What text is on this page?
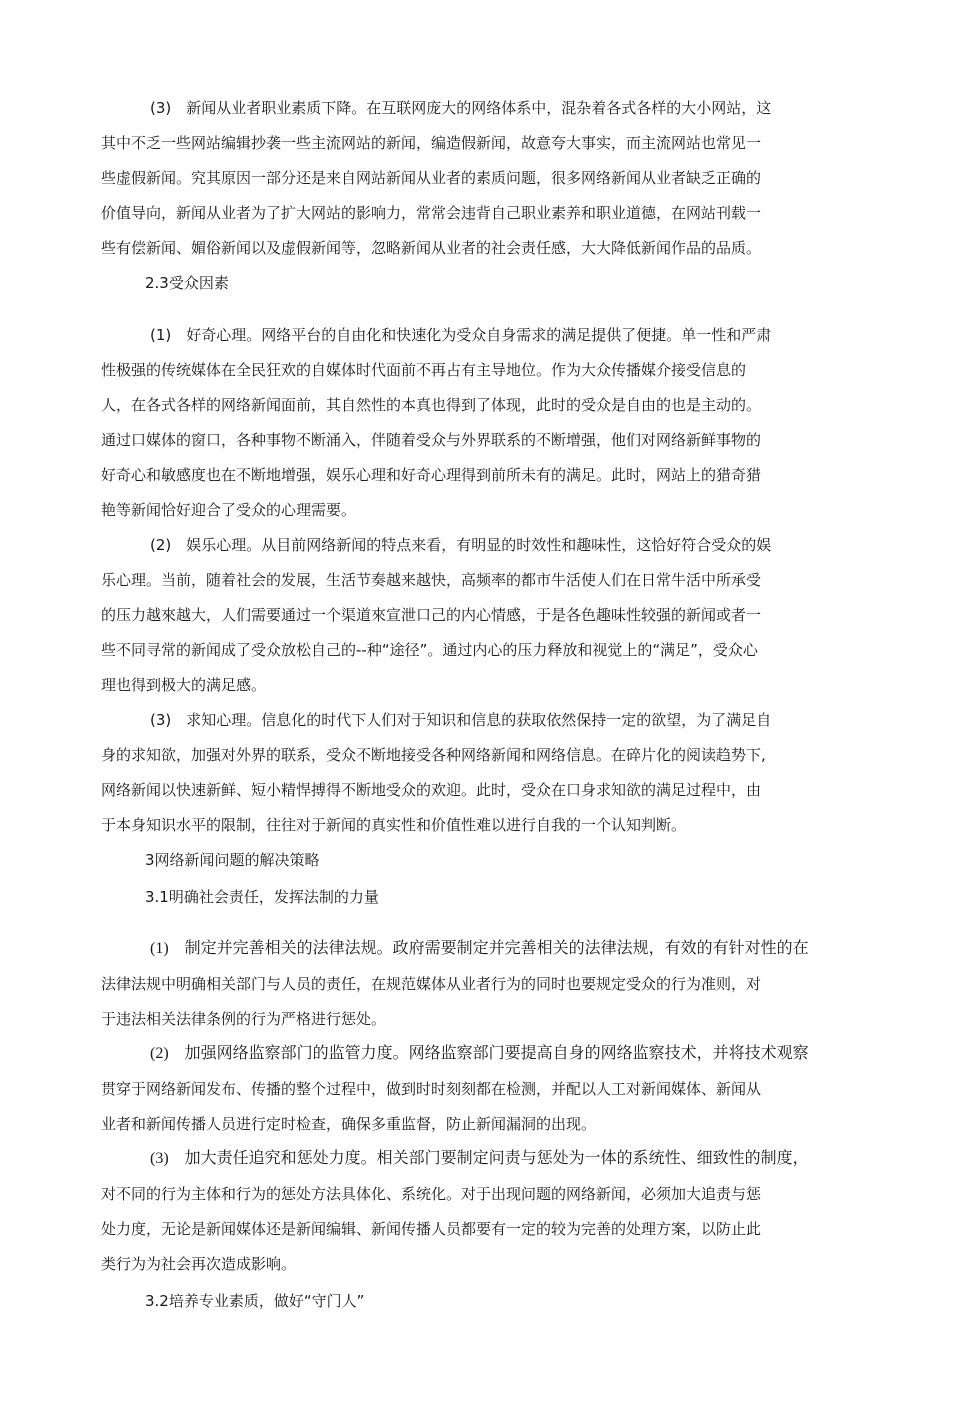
(3)　新闻从业者职业素质下降。在互联网庞大的网络体系中，混杂着各式各样的大小网站，这
其中不乏一些网站编辑抄袭一些主流网站的新闻，编造假新闻，故意夸大事实，而主流网站也常见一
些虚假新闻。究其原因一部分还是来自网站新闻从业者的素质问题，很多网络新闻从业者缺乏正确的
价值导向，新闻从业者为了扩大网站的影响力，常常会违背自己职业素养和职业道德，在网站刊载一
些有偿新闻、媚俗新闻以及虚假新闻等，忽略新闻从业者的社会责任感，大大降低新闻作品的品质。
2.3受众因素
(1)　好奇心理。网络平台的自由化和快速化为受众自身需求的满足提供了便捷。单一性和严肃
性极强的传统媒体在全民狂欢的自媒体时代面前不再占有主导地位。作为大众传播媒介接受信息的
人，在各式各样的网络新闻面前，其自然性的本真也得到了体现，此时的受众是自由的也是主动的。
通过口媒体的窗口，各种事物不断涌入，伴随着受众与外界联系的不断增强，他们对网络新鲜事物的
好奇心和敏感度也在不断地增强，娱乐心理和好奇心理得到前所未有的满足。此时，网站上的猎奇猎
艳等新闻恰好迎合了受众的心理需要。
(2)　娱乐心理。从目前网络新闻的特点来看，有明显的时效性和趣味性，这恰好符合受众的娱
乐心理。当前，随着社会的发展，生活节奏越来越快，高频率的都市牛活使人们在日常牛活中所承受
的压力越來越大，人们需要通过一个渠道來宣泄口己的内心情感，于是各色趣味性较强的新闻或者一
些不同寻常的新闻成了受众放松自己的--种“途径”。通过内心的压力释放和视觉上的“满足”，受众心
理也得到极大的满足感。
(3)　求知心理。信息化的时代下人们对于知识和信息的获取依然保持一定的欲望，为了满足自
身的求知欲，加强对外界的联系，受众不断地接受各种网络新闻和网络信息。在碎片化的阅读趋势下,
网络新闻以快速新鲜、短小精悍搏得不断地受众的欢迎。此时，受众在口身求知欲的满足过程中，由
于本身知识水平的限制，往往对于新闻的真实性和价值性难以进行自我的一个认知判断。
3网络新闻问题的解决策略
3.1明确社会责任，发挥法制的力量
(1)　制定并完善相关的法律法规。政府需要制定并完善相关的法律法规，有效的有针对性的在
法律法规中明确相关部门与人员的责任，在规范媒体从业者行为的同时也要规定受众的行为准则，对
于违法相关法律条例的行为严格进行惩处。
(2)　加强网络监察部门的监管力度。网络监察部门要提高自身的网络监察技术，并将技术观察
贯穿于网络新闻发布、传播的整个过程中，做到时时刻刻都在检测，并配以人工对新闻媒体、新闻从
业者和新闻传播人员进行定时检查，确保多重监督，防止新闻漏洞的出现。
(3)　加大责任追究和惩处力度。相关部门要制定问责与惩处为一体的系统性、细致性的制度，
对不同的行为主体和行为的惩处方法具体化、系统化。对于出现问题的网络新闻，必须加大追责与惩
处力度，无论是新闻媒体还是新闻编辑、新闻传播人员都要有一定的较为完善的处理方案，以防止此
类行为为社会再次造成影响。
3.2培养专业素质，做好“守门人”
